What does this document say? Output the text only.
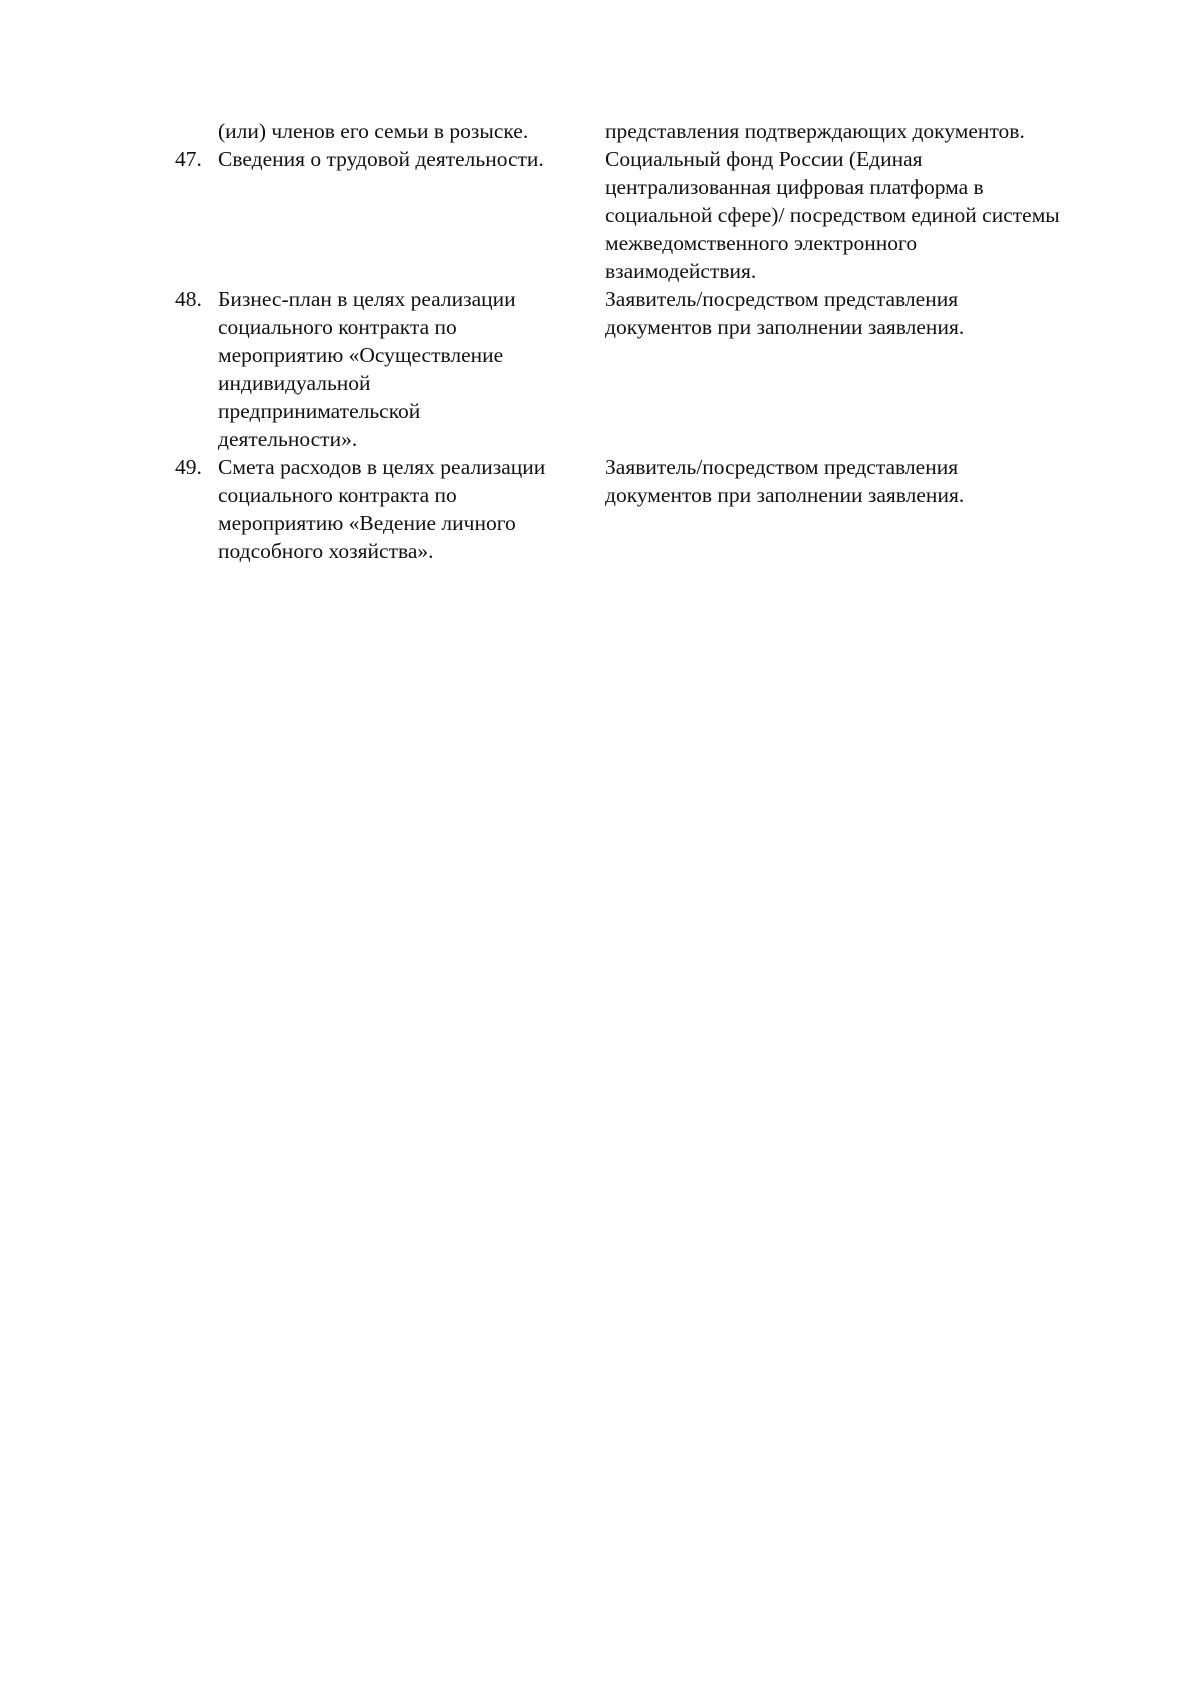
(или) членов его семьи в розыске.	представления подтверждающих документов.
47. Сведения о трудовой деятельности.	Социальный фонд России (Единая
централизованная цифровая платформа в
социальной сфере)/ посредством единой системы
межведомственного электронного
взаимодействия.
48. Бизнес-план в целях реализации
социального контракта по
мероприятию «Осуществление
индивидуальной
предпринимательской
деятельности».
Заявитель/посредством представления
документов при заполнении заявления.
49. Смета расходов в целях реализации
социального контракта по
мероприятию «Ведение личного
подсобного хозяйства».
Заявитель/посредством представления
документов при заполнении заявления.
